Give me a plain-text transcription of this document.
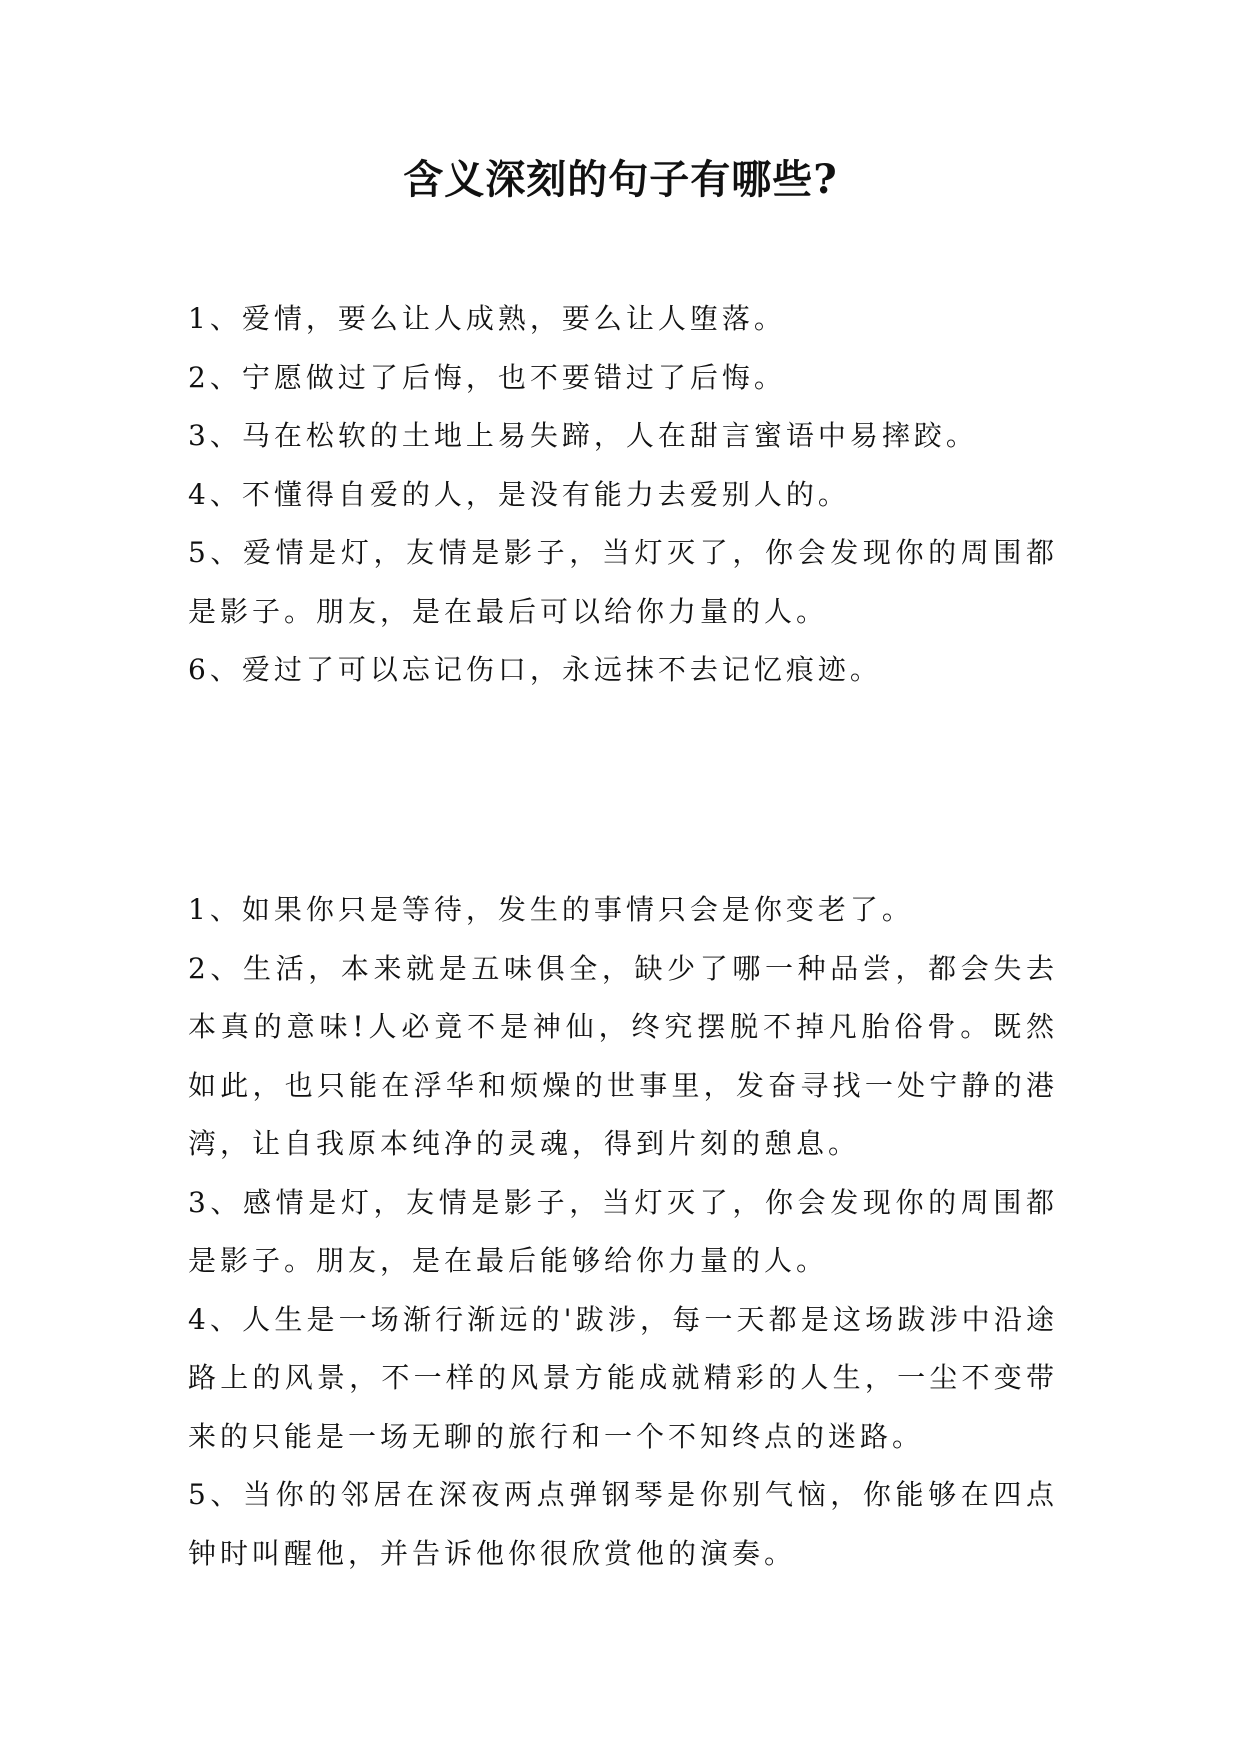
含义深刻的句子有哪些?

1、爱情，要么让人成熟，要么让人堕落。

2、宁愿做过了后悔，也不要错过了后悔。

3、马在松软的土地上易失蹄，人在甜言蜜语中易摔跤。

4、不懂得自爱的人，是没有能力去爱别人的。

5、爱情是灯，友情是影子，当灯灭了，你会发现你的周围都是影子。朋友，是在最后可以给你力量的人。

6、爱过了可以忘记伤口，永远抹不去记忆痕迹。

1、如果你只是等待，发生的事情只会是你变老了。

2、生活，本来就是五味俱全，缺少了哪一种品尝，都会失去本真的意味!人必竟不是神仙，终究摆脱不掉凡胎俗骨。既然如此，也只能在浮华和烦燥的世事里，发奋寻找一处宁静的港湾，让自我原本纯净的灵魂，得到片刻的憩息。

3、感情是灯，友情是影子，当灯灭了，你会发现你的周围都是影子。朋友，是在最后能够给你力量的人。

4、人生是一场渐行渐远的'跋涉，每一天都是这场跋涉中沿途路上的风景，不一样的风景方能成就精彩的人生，一尘不变带来的只能是一场无聊的旅行和一个不知终点的迷路。

5、当你的邻居在深夜两点弹钢琴是你别气恼，你能够在四点钟时叫醒他，并告诉他你很欣赏他的演奏。
